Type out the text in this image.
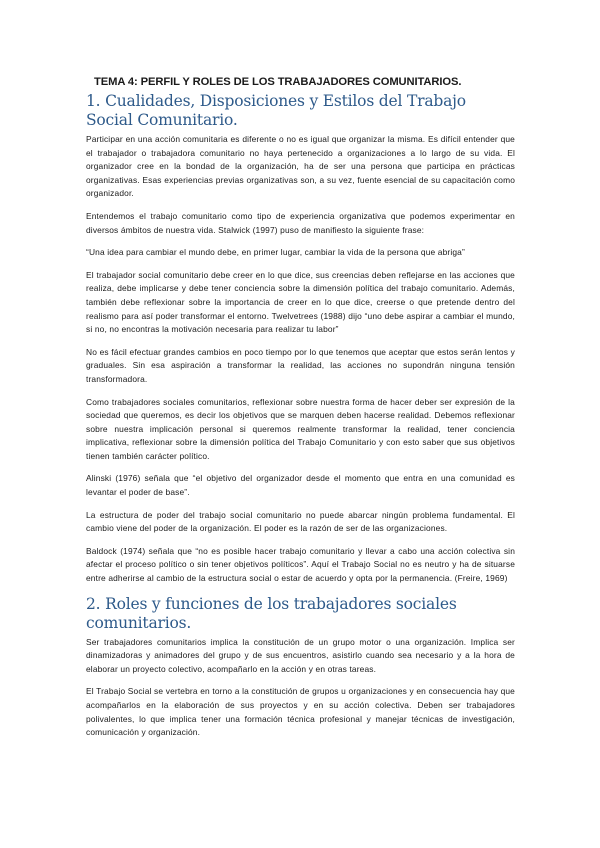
TEMA 4: PERFIL Y ROLES DE LOS TRABAJADORES COMUNITARIOS.
1. Cualidades, Disposiciones y Estilos del Trabajo Social Comunitario.

Participar en una acción comunitaria es diferente o no es igual que organizar la misma. Es difícil entender que el trabajador o trabajadora comunitario no haya pertenecido a organizaciones a lo largo de su vida. El organizador cree en la bondad de la organización, ha de ser una persona que participa en prácticas organizativas. Esas experiencias previas organizativas son, a su vez, fuente esencial de su capacitación como organizador.

Entendemos el trabajo comunitario como tipo de experiencia organizativa que podemos experimentar en diversos ámbitos de nuestra vida. Stalwick (1997) puso de manifiesto la siguiente frase:

“Una idea para cambiar el mundo debe, en primer lugar, cambiar la vida de la persona que abriga”

El trabajador social comunitario debe creer en lo que dice, sus creencias deben reflejarse en las acciones que realiza, debe implicarse y debe tener conciencia sobre la dimensión política del trabajo comunitario. Además, también debe reflexionar sobre la importancia de creer en lo que dice, creerse o que pretende dentro del realismo para así poder transformar el entorno. Twelvetrees (1988) dijo “uno debe aspirar a cambiar el mundo, si no, no encontras la motivación necesaria para realizar tu labor”

No es fácil efectuar grandes cambios en poco tiempo por lo que tenemos que aceptar que estos serán lentos y graduales. Sin esa aspiración a transformar la realidad, las acciones no supondrán ninguna tensión transformadora.

Como trabajadores sociales comunitarios, reflexionar sobre nuestra forma de hacer deber ser expresión de la sociedad que queremos, es decir los objetivos que se marquen deben hacerse realidad. Debemos reflexionar sobre nuestra implicación personal si queremos realmente transformar la realidad, tener conciencia implicativa, reflexionar sobre la dimensión política del Trabajo Comunitario y con esto saber que sus objetivos tienen también carácter político.

Alinski (1976) señala que “el objetivo del organizador desde el momento que entra en una comunidad es levantar el poder de base”.

La estructura de poder del trabajo social comunitario no puede abarcar ningún problema fundamental. El cambio viene del poder de la organización. El poder es la razón de ser de las organizaciones.

Baldock (1974) señala que “no es posible hacer trabajo comunitario y llevar a cabo una acción colectiva sin afectar el proceso político o sin tener objetivos políticos”. Aquí el Trabajo Social no es neutro y ha de situarse entre adherirse al cambio de la estructura social o estar de acuerdo y opta por la permanencia. (Freire, 1969)

2. Roles y funciones de los trabajadores sociales comunitarios.

Ser trabajadores comunitarios implica la constitución de un grupo motor o una organización. Implica ser dinamizadoras y animadores del grupo y de sus encuentros, asistirlo cuando sea necesario y a la hora de elaborar un proyecto colectivo, acompañarlo en la acción y en otras tareas.

El Trabajo Social se vertebra en torno a la constitución de grupos u organizaciones y en consecuencia hay que acompañarlos en la elaboración de sus proyectos y en su acción colectiva. Deben ser trabajadores polivalentes, lo que implica tener una formación técnica profesional y manejar técnicas de investigación, comunicación y organización.
